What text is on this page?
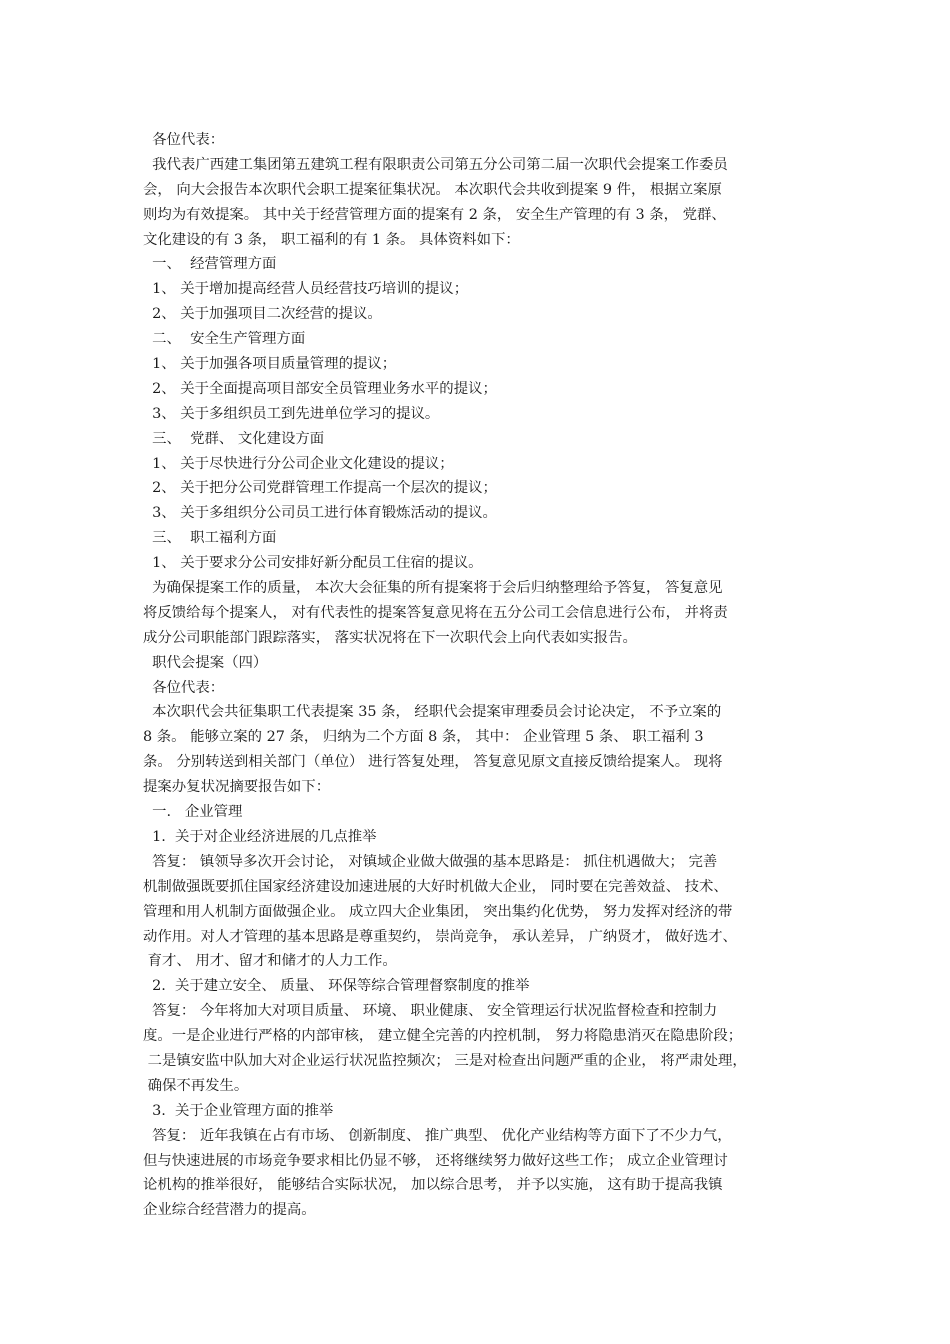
各位代表：
我代表广西建工集团第五建筑工程有限职责公司第五分公司第二届一次职代会提案工作委员
会， 向大会报告本次职代会职工提案征集状况。 本次职代会共收到提案 9 件， 根据立案原
则均为有效提案。 其中关于经营管理方面的提案有 2 条， 安全生产管理的有 3 条， 党群、
文化建设的有 3 条， 职工福利的有 1 条。 具体资料如下：
一、  经营管理方面
1、 关于增加提高经营人员经营技巧培训的提议；
2、 关于加强项目二次经营的提议。
二、  安全生产管理方面
1、 关于加强各项目质量管理的提议；
2、 关于全面提高项目部安全员管理业务水平的提议；
3、 关于多组织员工到先进单位学习的提议。
三、  党群、 文化建设方面
1、 关于尽快进行分公司企业文化建设的提议；
2、 关于把分公司党群管理工作提高一个层次的提议；
3、 关于多组织分公司员工进行体育锻炼活动的提议。
三、  职工福利方面
1、 关于要求分公司安排好新分配员工住宿的提议。
为确保提案工作的质量， 本次大会征集的所有提案将于会后归纳整理给予答复， 答复意见
将反馈给每个提案人， 对有代表性的提案答复意见将在五分公司工会信息进行公布， 并将责
成分公司职能部门跟踪落实， 落实状况将在下一次职代会上向代表如实报告。
职代会提案（四）
各位代表：
本次职代会共征集职工代表提案 35 条， 经职代会提案审理委员会讨论决定， 不予立案的
8 条。 能够立案的 27 条， 归纳为二个方面 8 条， 其中： 企业管理 5 条、 职工福利 3
条。 分别转送到相关部门（单位） 进行答复处理， 答复意见原文直接反馈给提案人。 现将
提案办复状况摘要报告如下：
一.   企业管理
1.  关于对企业经济进展的几点推举
答复： 镇领导多次开会讨论， 对镇域企业做大做强的基本思路是： 抓住机遇做大； 完善
机制做强既要抓住国家经济建设加速进展的大好时机做大企业， 同时要在完善效益、 技术、
管理和用人机制方面做强企业。 成立四大企业集团， 突出集约化优势， 努力发挥对经济的带
动作用。对人才管理的基本思路是尊重契约， 崇尚竞争， 承认差异， 广纳贤才， 做好选才、
育才、 用才、留才和储才的人力工作。
2.  关于建立安全、 质量、 环保等综合管理督察制度的推举
答复： 今年将加大对项目质量、 环境、 职业健康、 安全管理运行状况监督检查和控制力
度。一是企业进行严格的内部审核， 建立健全完善的内控机制， 努力将隐患消灭在隐患阶段；
二是镇安监中队加大对企业运行状况监控频次； 三是对检查出问题严重的企业， 将严肃处理，
确保不再发生。
3.  关于企业管理方面的推举
答复： 近年我镇在占有市场、 创新制度、 推广典型、 优化产业结构等方面下了不少力气，
但与快速进展的市场竞争要求相比仍显不够， 还将继续努力做好这些工作； 成立企业管理讨
论机构的推举很好， 能够结合实际状况， 加以综合思考， 并予以实施， 这有助于提高我镇
企业综合经营潜力的提高。
